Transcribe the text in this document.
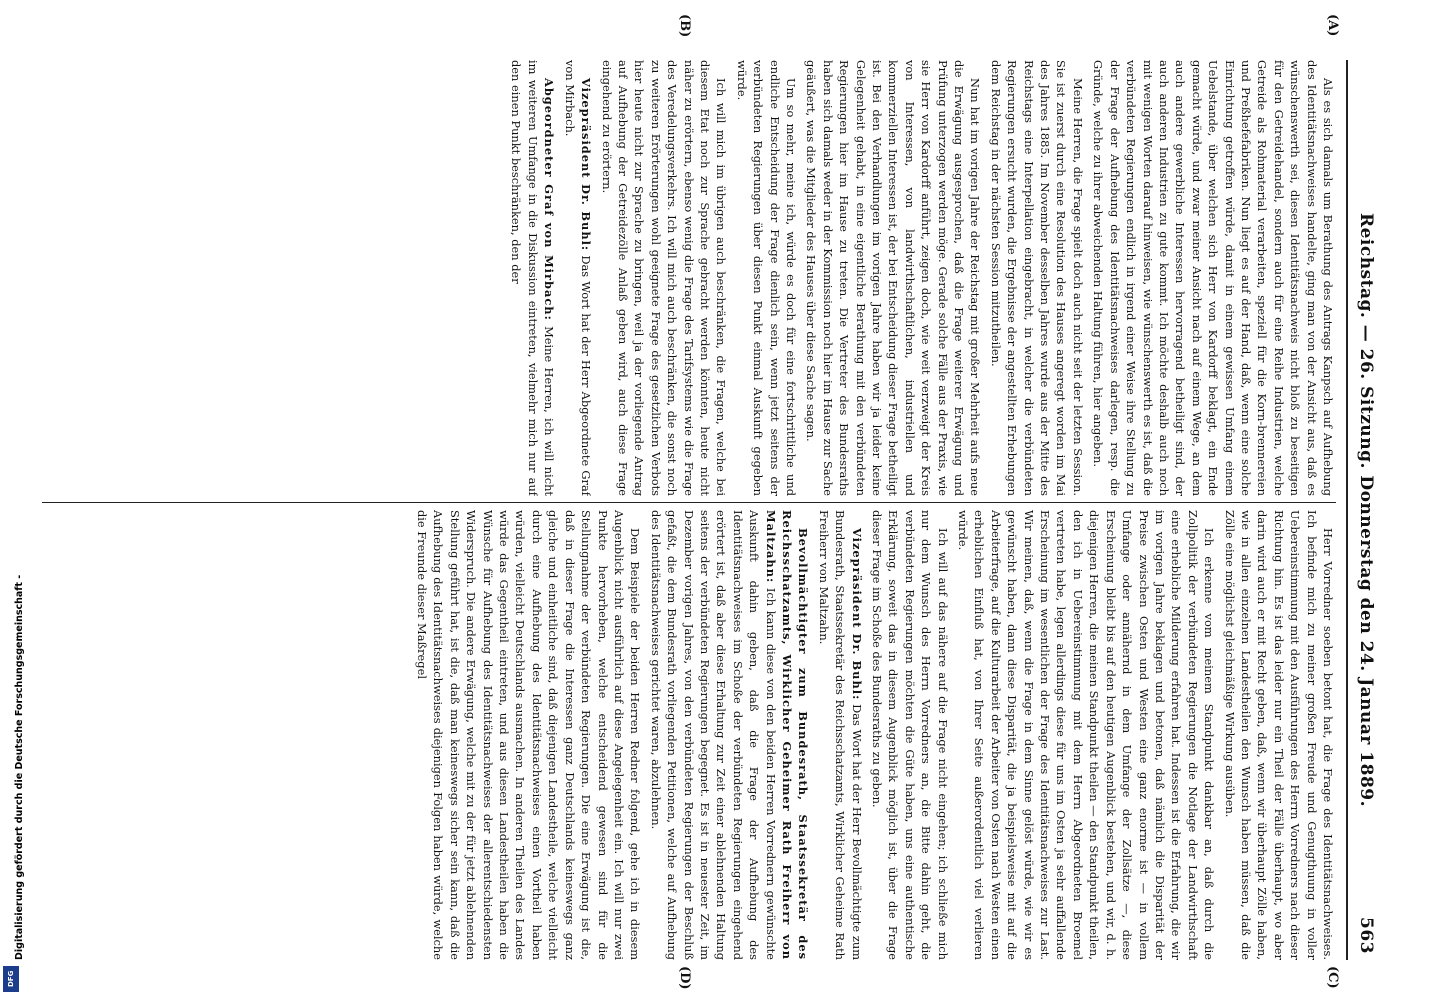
Reichstag. — 26. Sitzung. Donnerstag den 24. Januar 1889.
563
(A)
(B)
(C)
(D)

Als es sich damals um Berathung des Antrags Kanpsch auf Aufhebung des Identitätsnachweises handelte, ging man von der Ansicht aus, daß es wünschenswerth sei, diesen Identitätsnachweis nicht bloß zu beseitigen für den Getreidehandel, sondern auch für eine Reihe Industrien, welche Getreide als Rohmaterial verarbeiten, speziell für die Korn-brennereien und Preßhefefabriken. Nun liegt es auf der Hand, daß, wenn eine solche Einrichtung getroffen würde, damit in einem gewissen Umfang einem Uebelstande, über welchen sich Herr von Kardorff beklagt, ein Ende gemacht würde, und zwar meiner Ansicht nach auf einem Wege, an dem auch andere gewerbliche Interessen hervorragend betheiligt sind, der auch anderen Industrien zu gute kommt. Ich möchte deshalb auch noch mit wenigen Worten darauf hinweisen, wie wünschenswerth es ist, daß die verbündeten Regierungen endlich in irgend einer Weise ihre Stellung zu der Frage der Aufhebung des Identitätsnachweises darlegen, resp. die Gründe, welche zu ihrer abweichenden Haltung führen, hier angeben.

Meine Herren, die Frage spielt doch auch nicht seit der letzten Session. Sie ist zuerst durch eine Resolution des Hauses angeregt worden im Mai des Jahres 1885. Im November desselben Jahres wurde aus der Mitte des Reichstags eine Interpellation eingebracht, in welcher die verbündeten Regierungen ersucht wurden, die Ergebnisse der angestellten Erhebungen dem Reichstag in der nächsten Session mitzutheilen.

Nun hat im vorigen Jahre der Reichstag mit großer Mehrheit aufs neue die Erwägung ausgesprochen, daß die Frage weiterer Erwägung und Prüfung unterzogen werden möge. Gerade solche Fälle aus der Praxis, wie sie Herr von Kardorff anführt, zeigen doch, wie weit verzweigt der Kreis von Interessen, von landwirthschaftlichen, industriellen und kommerziellen Interessen ist, der bei Entscheidung dieser Frage betheiligt ist. Bei den Verhandlungen im vorigen Jahre haben wir ja leider keine Gelegenheit gehabt, in eine eigentliche Berathung mit den verbündeten Regierungen hier im Hause zu treten. Die Vertreter des Bundesraths haben sich damals weder in der Kommission noch hier im Hause zur Sache geäußert, was die Mitglieder des Hauses über diese Sache sagen.

Um so mehr, meine ich, würde es doch für eine fortschrittliche und endliche Entscheidung der Frage dienlich sein, wenn jetzt seitens der verbündeten Regierungen über diesen Punkt einmal Auskunft gegeben würde.

Ich will mich im übrigen auch beschränken, die Fragen, welche bei diesem Etat noch zur Sprache gebracht werden könnten, heute nicht näher zu erörtern, ebenso wenig die Frage des Tarifsystems wie die Frage des Veredelungsverkehrs. Ich will mich auch beschränken, die sonst noch zu weiteren Erörterungen wohl geeignete Frage des gesetzlichen Verbots hier heute nicht zur Sprache zu bringen, weil ja der vorliegende Antrag auf Aufhebung der Getreidezölle Anlaß geben wird, auch diese Frage eingehend zu erörtern.

Vizepräsident Dr. Buhl: Das Wort hat der Herr Abgeordnete Graf von Mirbach.

Abgeordneter Graf von Mirbach: Meine Herren, ich will nicht im weiteren Umfange in die Diskussion eintreten, vielmehr mich nur auf den einen Punkt beschränken, den der

Herr Vorredner soeben betont hat, die Frage des Identitätsnachweises. Ich befinde mich zu meiner großen Freude und Genugthuung in voller Uebereinstimmung mit den Ausführungen des Herrn Vorredners nach dieser Richtung hin. Es ist das leider nur ein Theil der Fälle überhaupt, wo aber darin wird auch er mit Recht geben, daß, wenn wir überhaupt Zölle haben, wie in allen einzelnen Landestheilen den Wunsch haben müssen, daß die Zölle eine möglichst gleichmäßige Wirkung ausüben.

Ich erkenne vom meinem Standpunkt dankbar an, daß durch die Zollpolitik der verbündeten Regierungen die Notlage der Landwirthschaft eine erhebliche Milderung erfahren hat. Indessen ist die Erfahrung, die wir im vorigen Jahre beklagen und betonen, daß nämlich die Disparität der Preise zwischen Osten und Westen eine ganz enorme ist — in vollem Umfange oder annähernd in dem Umfange der Zollsätze —, diese Erscheinung bleibt bis auf den heutigen Augenblick bestehen, und wir, d. h. diejenigen Herren, die meinen Standpunkt theilen — den Standpunkt theilen, den ich in Uebereinstimmung mit dem Herrn Abgeordneten Broemel vertreten habe, legen allerdings diese für uns im Osten ja sehr auffallende Erscheinung im wesentlichen der Frage des Identitätsnachweises zur Last. Wir meinen, daß, wenn die Frage in dem Sinne gelöst würde, wie wir es gewünscht haben, dann diese Disparität, die ja beispielsweise mit auf die Arbeiterfrage, auf die Kulturarbeit der Arbeiter von Osten nach Westen einen erheblichen Einfluß hat, von Ihrer Seite außerordentlich viel verlieren würde.

Ich will auf das nähere auf die Frage nicht eingehen; ich schließe mich nur dem Wunsch des Herrn Vorredners an, die Bitte dahin geht, die verbündeten Regierungen möchten die Güte haben, uns eine authentische Erklärung, soweit das in diesem Augenblick möglich ist, über die Frage dieser Frage im Schoße des Bundesraths zu geben.

Vizepräsident Dr. Buhl: Das Wort hat der Herr Bevollmächtigte zum Bundesrath, Staatssekretär des Reichsschatzamts, Wirklicher Geheime Rath Freiherr von Maltzahn.

Bevollmächtigter zum Bundesrath, Staatssekretär des Reichsschatzamts, Wirklicher Geheimer Rath Freiherr von Maltzahn: Ich kann diese von den beiden Herren Vorrednern gewünschte Auskunft dahin geben, daß die Frage der Aufhebung des Identitätsnachweises im Schoße der verbündeten Regierungen eingehend erörtert ist, daß aber diese Erhaltung zur Zeit einer ablehnenden Haltung seitens der verbündeten Regierungen begegnet. Es ist in neuester Zeit, im Dezember vorigen Jahres, von den verbündeten Regierungen der Beschluß gefaßt, die dem Bundesrath vorliegenden Petitionen, welche auf Aufhebung des Identitätsnachweises gerichtet waren, abzulehnen.

Dem Beispiele der beiden Herren Redner folgend, gehe ich in diesem Augenblick nicht ausführlich auf diese Angelegenheit ein. Ich will nur zwei Punkte hervorheben, welche entscheidend gewesen sind für die Stellungnahme der verbündeten Regierungen. Die eine Erwägung ist die, daß in dieser Frage die Interessen ganz Deutschlands keineswegs ganz gleiche und einheitliche sind, daß diejenigen Landestheile, welche vielleicht durch eine Aufhebung des Identitätsnachweises einen Vortheil haben würden, vielleicht Deutschlands ausmachen. In anderen Theilen des Landes würde das Gegentheil eintreten, und aus diesen Landestheilen haben die Wünsche für Aufhebung des Identitätsnachweises der allerentschiedensten Widerspruch. Die andere Erwägung, welche mit zu der für jetzt ablehnenden Stellung geführt hat, ist die, daß man keineswegs sicher sein kann, daß die Aufhebung des Identitätsnachweises diejenigen Folgen haben würde, welche die Freunde dieser Maßregel

Digitalisierung gefördert durch die Deutsche Forschungsgemeinschaft -
DFG
